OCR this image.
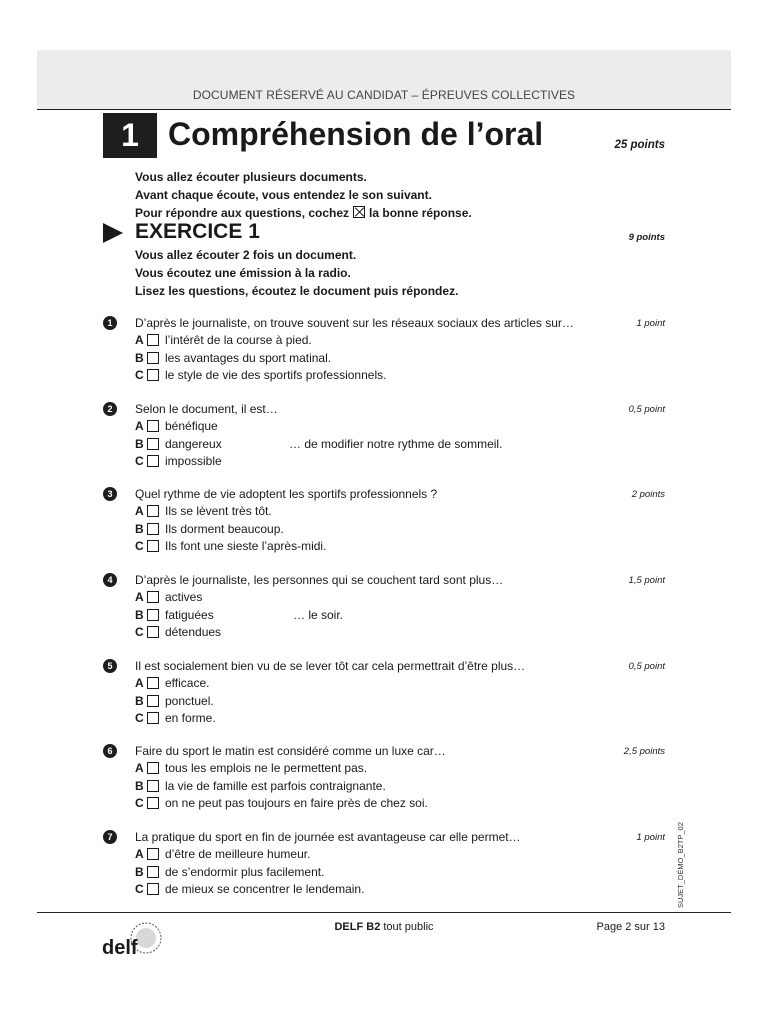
DOCUMENT RÉSERVÉ AU CANDIDAT – ÉPREUVES COLLECTIVES
1 Compréhension de l’oral	25 points
Vous allez écouter plusieurs documents.
Avant chaque écoute, vous entendez le son suivant.
Pour répondre aux questions, cochez la bonne réponse.
EXERCICE 1	9 points
Vous allez écouter 2 fois un document.
Vous écoutez une émission à la radio.
Lisez les questions, écoutez le document puis répondez.
1	D’après le journaliste, on trouve souvent sur les réseaux sociaux des articles sur…	1 point
A l’intérêt de la course à pied.
B les avantages du sport matinal.
C le style de vie des sportifs professionnels.
2	Selon le document, il est…	0,5 point
A bénéfique
B dangereux
C impossible
… de modifier notre rythme de sommeil.
3	Quel rythme de vie adoptent les sportifs professionnels ?	2 points
A Ils se lèvent très tôt.
B Ils dorment beaucoup.
C Ils font une sieste l’après-midi.
4	D’après le journaliste, les personnes qui se couchent tard sont plus…	1,5 point
A actives
B fatiguées
C détendues
… le soir.
5	Il est socialement bien vu de se lever tôt car cela permettrait d’être plus…	0,5 point
A efficace.
B ponctuel.
C en forme.
6	Faire du sport le matin est considéré comme un luxe car…	2,5 points
A tous les emplois ne le permettent pas.
B la vie de famille est parfois contraignante.
C on ne peut pas toujours en faire près de chez soi.
7	La pratique du sport en fin de journée est avantageuse car elle permet…	1 point
A d’être de meilleure humeur.
B de s’endormir plus facilement.
C de mieux se concentrer le lendemain.	SUJET_DÉMO_B2TP_02
DELF B2 tout public	Page 2 sur 13
delf
